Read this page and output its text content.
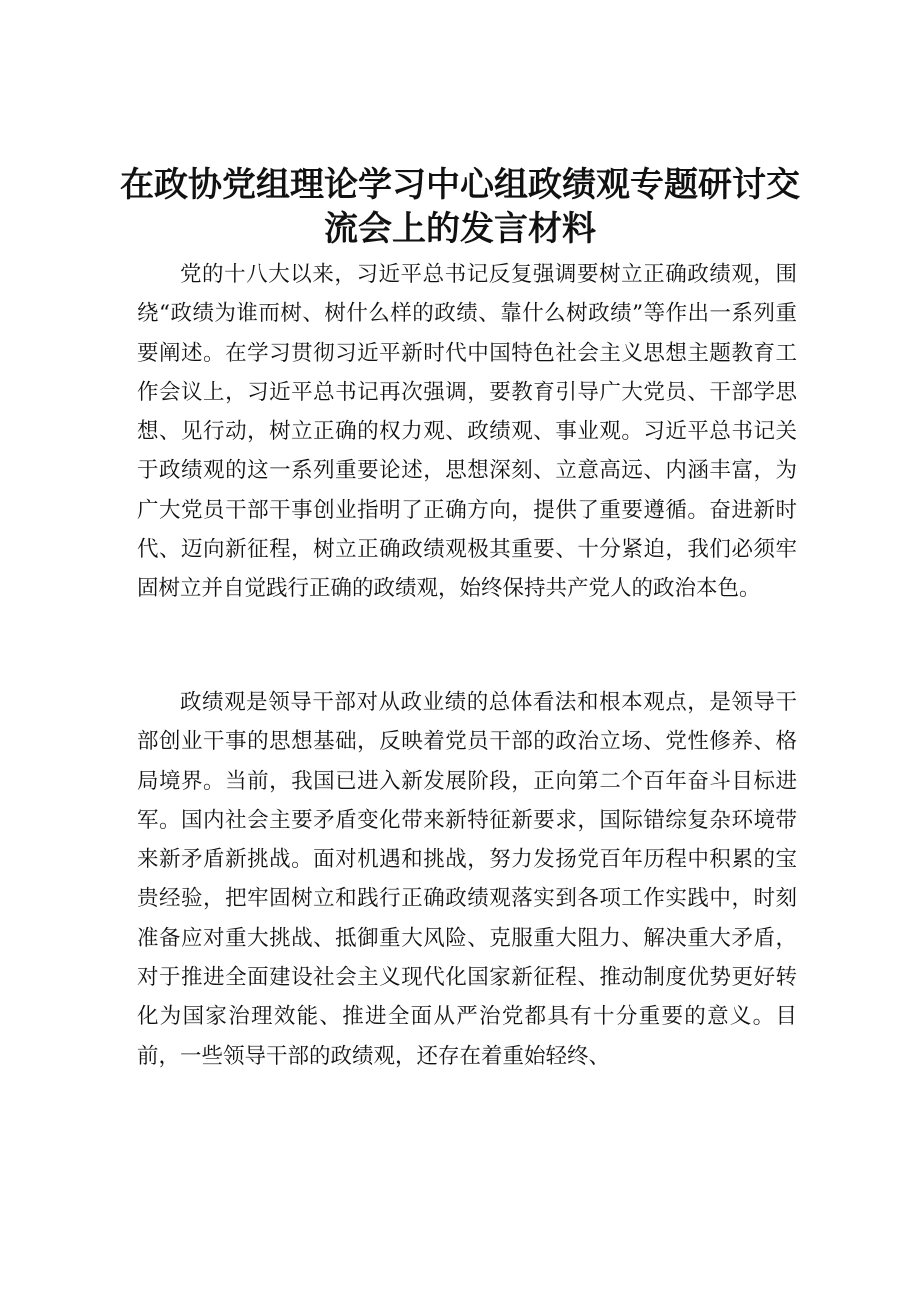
在政协党组理论学习中心组政绩观专题研讨交
流会上的发言材料

党的十八大以来，习近平总书记反复强调要树立正确政绩观，围绕“政绩为谁而树、树什么样的政绩、靠什么树政绩”等作出一系列重要阐述。在学习贯彻习近平新时代中国特色社会主义思想主题教育工作会议上，习近平总书记再次强调，要教育引导广大党员、干部学思想、见行动，树立正确的权力观、政绩观、事业观。习近平总书记关于政绩观的这一系列重要论述，思想深刻、立意高远、内涵丰富，为广大党员干部干事创业指明了正确方向，提供了重要遵循。奋进新时代、迈向新征程，树立正确政绩观极其重要、十分紧迫，我们必须牢固树立并自觉践行正确的政绩观，始终保持共产党人的政治本色。

政绩观是领导干部对从政业绩的总体看法和根本观点，是领导干部创业干事的思想基础，反映着党员干部的政治立场、党性修养、格局境界。当前，我国已进入新发展阶段，正向第二个百年奋斗目标进军。国内社会主要矛盾变化带来新特征新要求，国际错综复杂环境带来新矛盾新挑战。面对机遇和挑战，努力发扬党百年历程中积累的宝贵经验，把牢固树立和践行正确政绩观落实到各项工作实践中，时刻准备应对重大挑战、抵御重大风险、克服重大阻力、解决重大矛盾，对于推进全面建设社会主义现代化国家新征程、推动制度优势更好转化为国家治理效能、推进全面从严治党都具有十分重要的意义。目前，一些领导干部的政绩观，还存在着重始轻终、
